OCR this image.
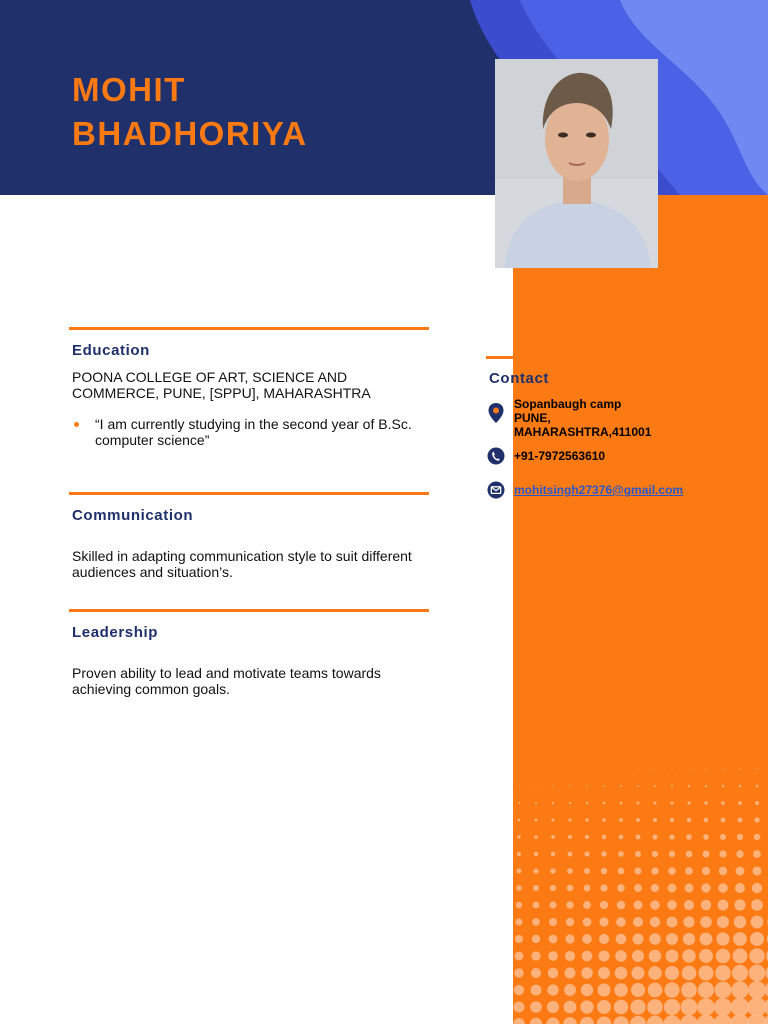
MOHIT
BHADHORIYA
Education
POONA COLLEGE OF ART, SCIENCE AND
COMMERCE, PUNE, [SPPU], MAHARASHTRA
“I am currently studying in the second year of B.Sc.
computer science”
Communication
Skilled in adapting communication style to suit different
audiences and situation’s.
Leadership
Proven ability to lead and motivate teams towards
achieving common goals.
Contact
Sopanbaugh camp
PUNE,
MAHARASHTRA,411001
+91-7972563610
mohitsingh27376@gmail.com
